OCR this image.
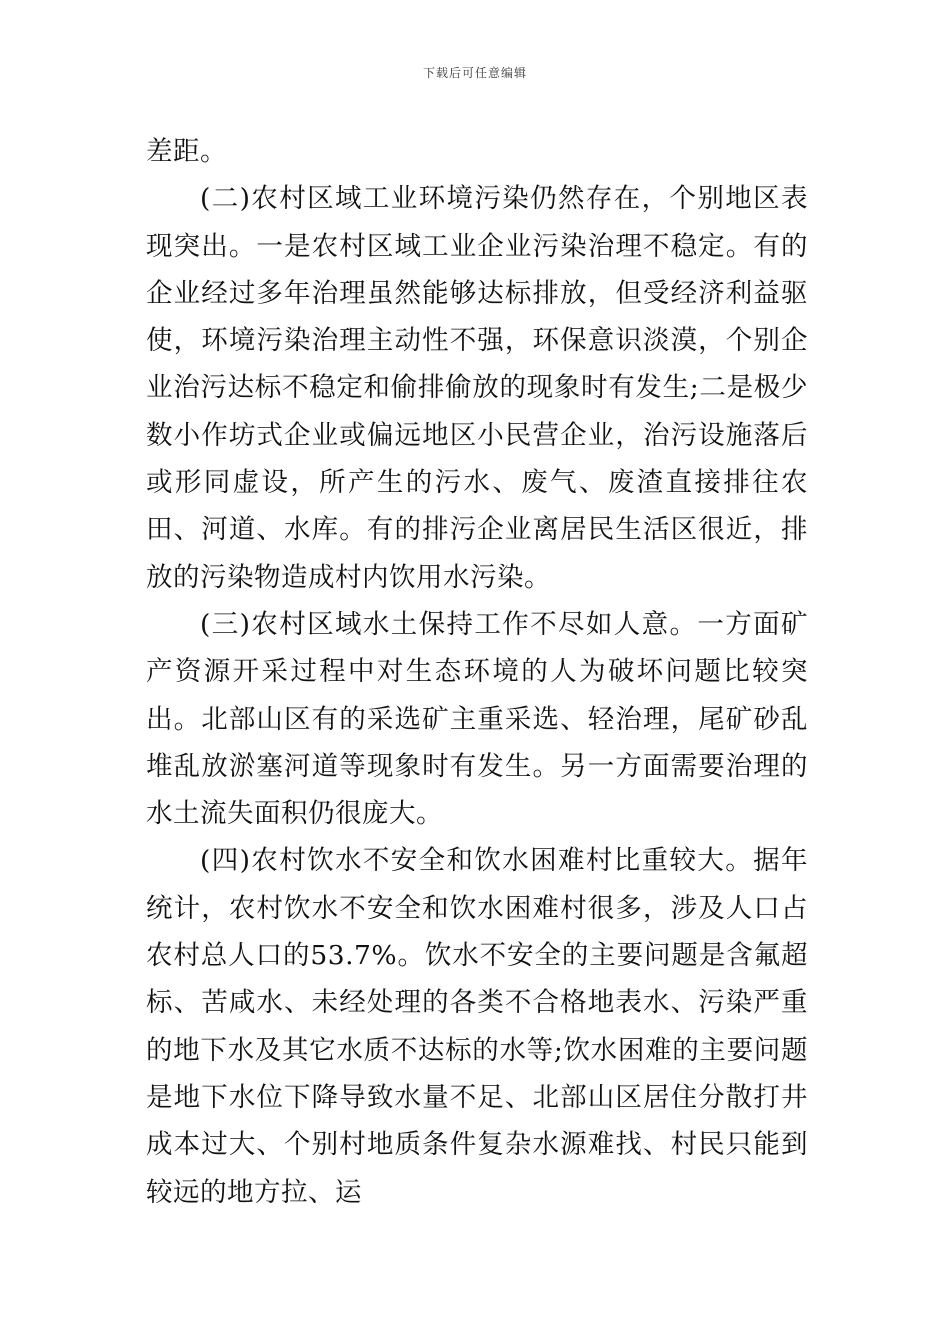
下载后可任意编辑

差距。

(二)农村区域工业环境污染仍然存在，个别地区表现突出。一是农村区域工业企业污染治理不稳定。有的企业经过多年治理虽然能够达标排放，但受经济利益驱使，环境污染治理主动性不强，环保意识淡漠，个别企业治污达标不稳定和偷排偷放的现象时有发生;二是极少数小作坊式企业或偏远地区小民营企业，治污设施落后或形同虚设，所产生的污水、废气、废渣直接排往农田、河道、水库。有的排污企业离居民生活区很近，排放的污染物造成村内饮用水污染。

(三)农村区域水土保持工作不尽如人意。一方面矿产资源开采过程中对生态环境的人为破坏问题比较突出。北部山区有的采选矿主重采选、轻治理，尾矿砂乱堆乱放淤塞河道等现象时有发生。另一方面需要治理的水土流失面积仍很庞大。

(四)农村饮水不安全和饮水困难村比重较大。据年统计，农村饮水不安全和饮水困难村很多，涉及人口占农村总人口的53.7%。饮水不安全的主要问题是含氟超标、苦咸水、未经处理的各类不合格地表水、污染严重的地下水及其它水质不达标的水等;饮水困难的主要问题是地下水位下降导致水量不足、北部山区居住分散打井成本过大、个别村地质条件复杂水源难找、村民只能到较远的地方拉、运
